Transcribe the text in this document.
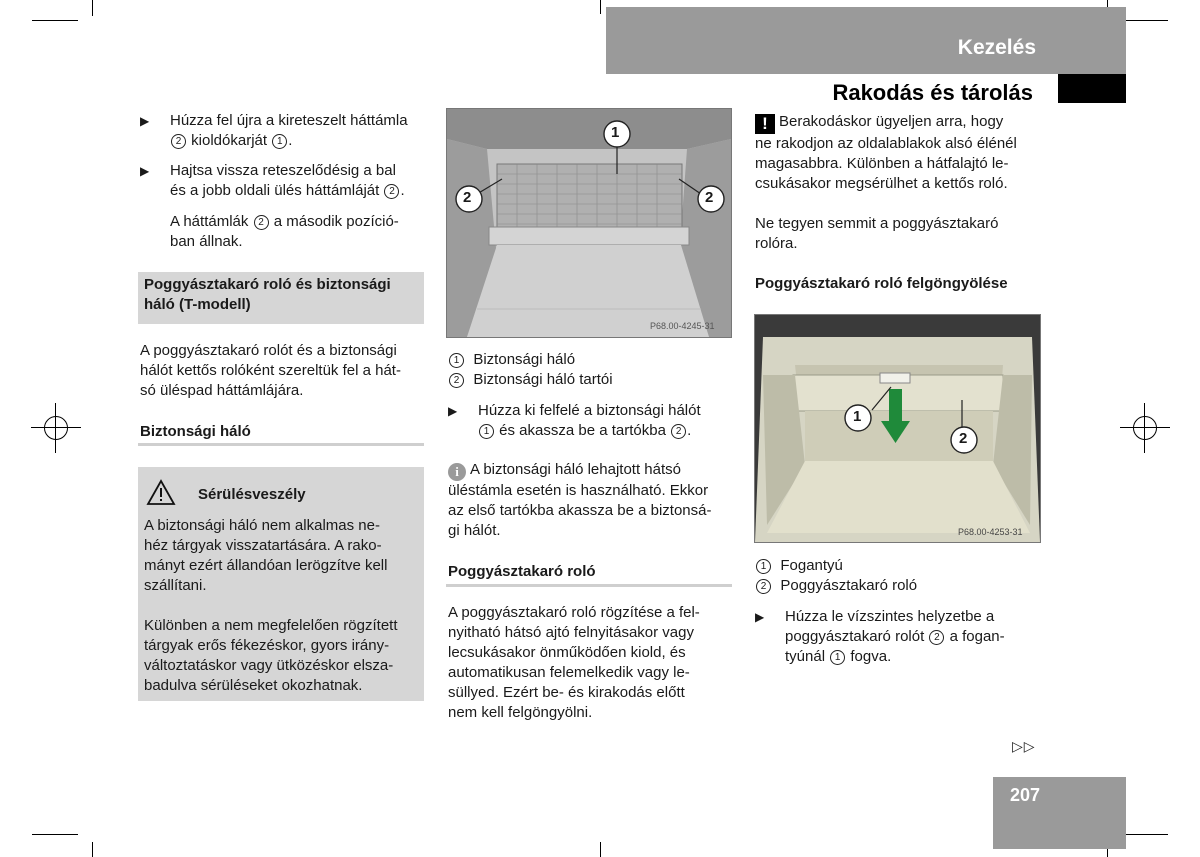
Kezelés
Rakodás és tárolás
▶ Húzza fel újra a kireteszelt háttámla
2 kioldókarját 1 .
▶ Hajtsa vissza reteszelődésig a bal
és a jobb oldali ülés háttámláját 2 .
A háttámlák 2 a második pozíció-
ban állnak.
Poggyásztakaró roló és biztonsági
háló (T-modell)
A poggyásztakaró rolót és a biztonsági
hálót kettős rolóként szereltük fel a hát-
só üléspad háttámlájára.
Biztonsági háló
Sérülésveszély
A biztonsági háló nem alkalmas ne-
héz tárgyak visszatartására. A rako-
mányt ezért állandóan lerögzítve kell
szállítani.
Különben a nem megfelelően rögzített
tárgyak erős fékezéskor, gyors irány-
változtatáskor vagy ütközéskor elsza-
badulva sérüléseket okozhatnak.
1
2	2
P68.00-4245-31
1 Biztonsági háló
2 Biztonsági háló tartói
▶ Húzza ki felfelé a biztonsági hálót
1 és akassza be a tartókba 2 .
i A biztonsági háló lehajtott hátsó
üléstámla esetén is használható. Ekkor
az első tartókba akassza be a biztonsá-
gi hálót.
Poggyásztakaró roló
A poggyásztakaró roló rögzítése a fel-
nyitható hátsó ajtó felnyitásakor vagy
lecsukásakor önműködően kiold, és
automatikusan felemelkedik vagy le-
süllyed. Ezért be- és kirakodás előtt
nem kell felgöngyölni.
! Berakodáskor ügyeljen arra, hogy
ne rakodjon az oldalablakok alsó élénél
magasabbra. Különben a hátfalajtó le-
csukásakor megsérülhet a kettős roló.
Ne tegyen semmit a poggyásztakaró
rolóra.
Poggyásztakaró roló felgöngyölése
1
2
P68.00-4253-31
1 Fogantyú
2 Poggyásztakaró roló
▶ Húzza le vízszintes helyzetbe a
poggyásztakaró rolót 2 a fogan-
tyúnál 1 fogva.
▷▷
207
